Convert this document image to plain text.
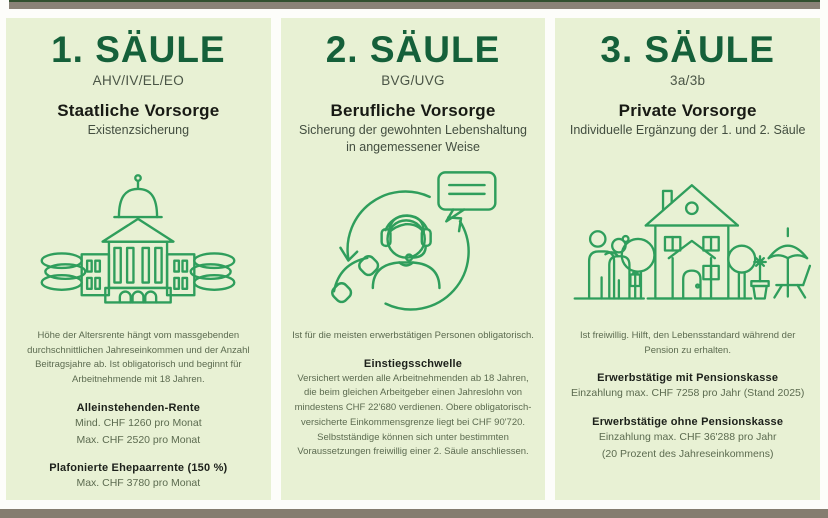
1. SÄULE
AHV/IV/EL/EO
Staatliche Vorsorge
Existenzsicherung

Höhe der Altersrente hängt vom massgebenden durchschnittlichen Jahreseinkommen und der Anzahl Beitragsjahre ab. Ist obligatorisch und beginnt für Arbeitnehmende mit 18 Jahren.

Alleinstehenden-Rente
Mind. CHF 1260 pro Monat
Max. CHF 2520 pro Monat
Plafonierte Ehepaarrente (150 %)
Max. CHF 3780 pro Monat
2. SÄULE
BVG/UVG
Berufliche Vorsorge
Sicherung der gewohnten Lebenshaltung in angemessener Weise

Ist für die meisten erwerbstätigen Personen obligatorisch.

Einstiegsschwelle

Versichert werden alle Arbeitnehmenden ab 18 Jahren, die beim gleichen Arbeitgeber einen Jahreslohn von mindestens CHF 22'680 verdienen. Obere obligatorisch-versicherte Einkommensgrenze liegt bei CHF 90'720. Selbstständige können sich unter bestimmten Voraussetzungen freiwillig einer 2. Säule anschliessen.

3. SÄULE
3a/3b
Private Vorsorge
Individuelle Ergänzung der 1. und 2. Säule

Ist freiwillig. Hilft, den Lebensstandard während der Pension zu erhalten.

Erwerbstätige mit Pensionskasse
Einzahlung max. CHF 7258 pro Jahr (Stand 2025)
Erwerbstätige ohne Pensionskasse
Einzahlung max. CHF 36'288 pro Jahr
(20 Prozent des Jahreseinkommens)
